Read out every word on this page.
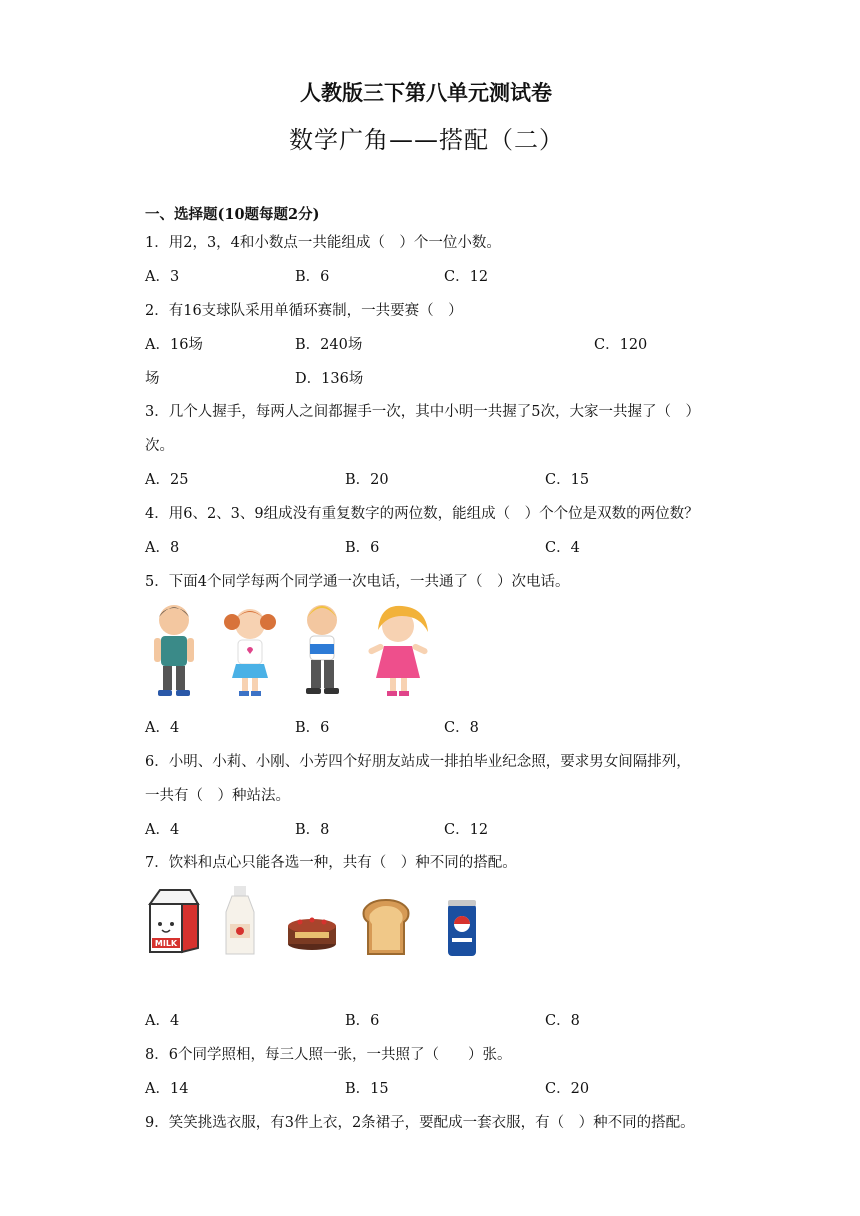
人教版三下第八单元测试卷
数学广角——搭配（二）
一、选择题(10题每题2分)
1．用2，3，4和小数点一共能组成（　）个一位小数。
A．3	B．6	C．12
2．有16支球队采用单循环赛制，一共要赛（　）
A．16场	B．240场	C．120
场	D．136场
3．几个人握手，每两人之间都握手一次，其中小明一共握了5次，大家一共握了（　）
次。
A．25	B．20	C．15
4．用6、2、3、9组成没有重复数字的两位数，能组成（　）个个位是双数的两位数？
A．8	B．6	C．4
5．下面4个同学每两个同学通一次电话，一共通了（　）次电话。
A．4	B．6	C．8
6．小明、小莉、小刚、小芳四个好朋友站成一排拍毕业纪念照，要求男女间隔排列，
一共有（　）种站法。
A．4	B．8	C．12
7．饮料和点心只能各选一种，共有（　）种不同的搭配。
MILK
A．4	B．6	C．8
8．6个同学照相，每三人照一张，一共照了（　　）张。
A．14	B．15	C．20
9．笑笑挑选衣服，有3件上衣，2条裙子，要配成一套衣服，有（　）种不同的搭配。
